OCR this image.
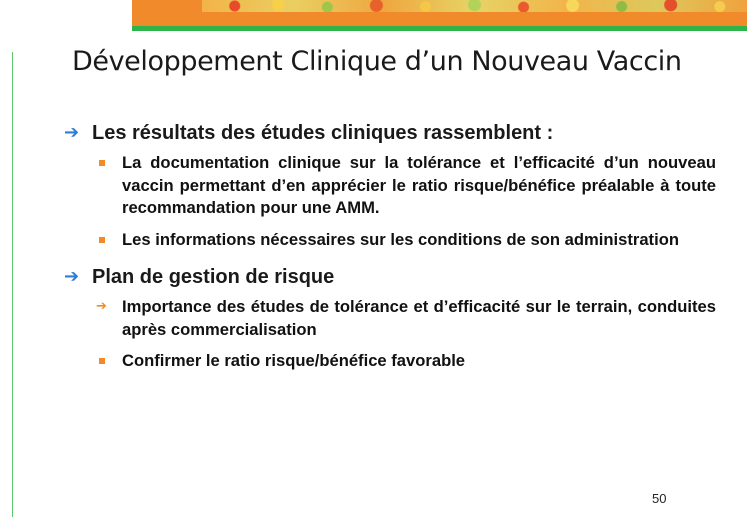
Développement Clinique d’un Nouveau Vaccin
➔ Les résultats des études cliniques rassemblent :
La documentation clinique sur la tolérance et l’efficacité d’un nouveau vaccin permettant d’en apprécier le ratio risque/bénéfice préalable à toute recommandation pour une AMM.
Les informations nécessaires sur les conditions de son administration
➔ Plan de gestion de risque
➔ Importance des études de tolérance et d’efficacité sur le terrain, conduites après commercialisation
Confirmer le ratio risque/bénéfice favorable
50
